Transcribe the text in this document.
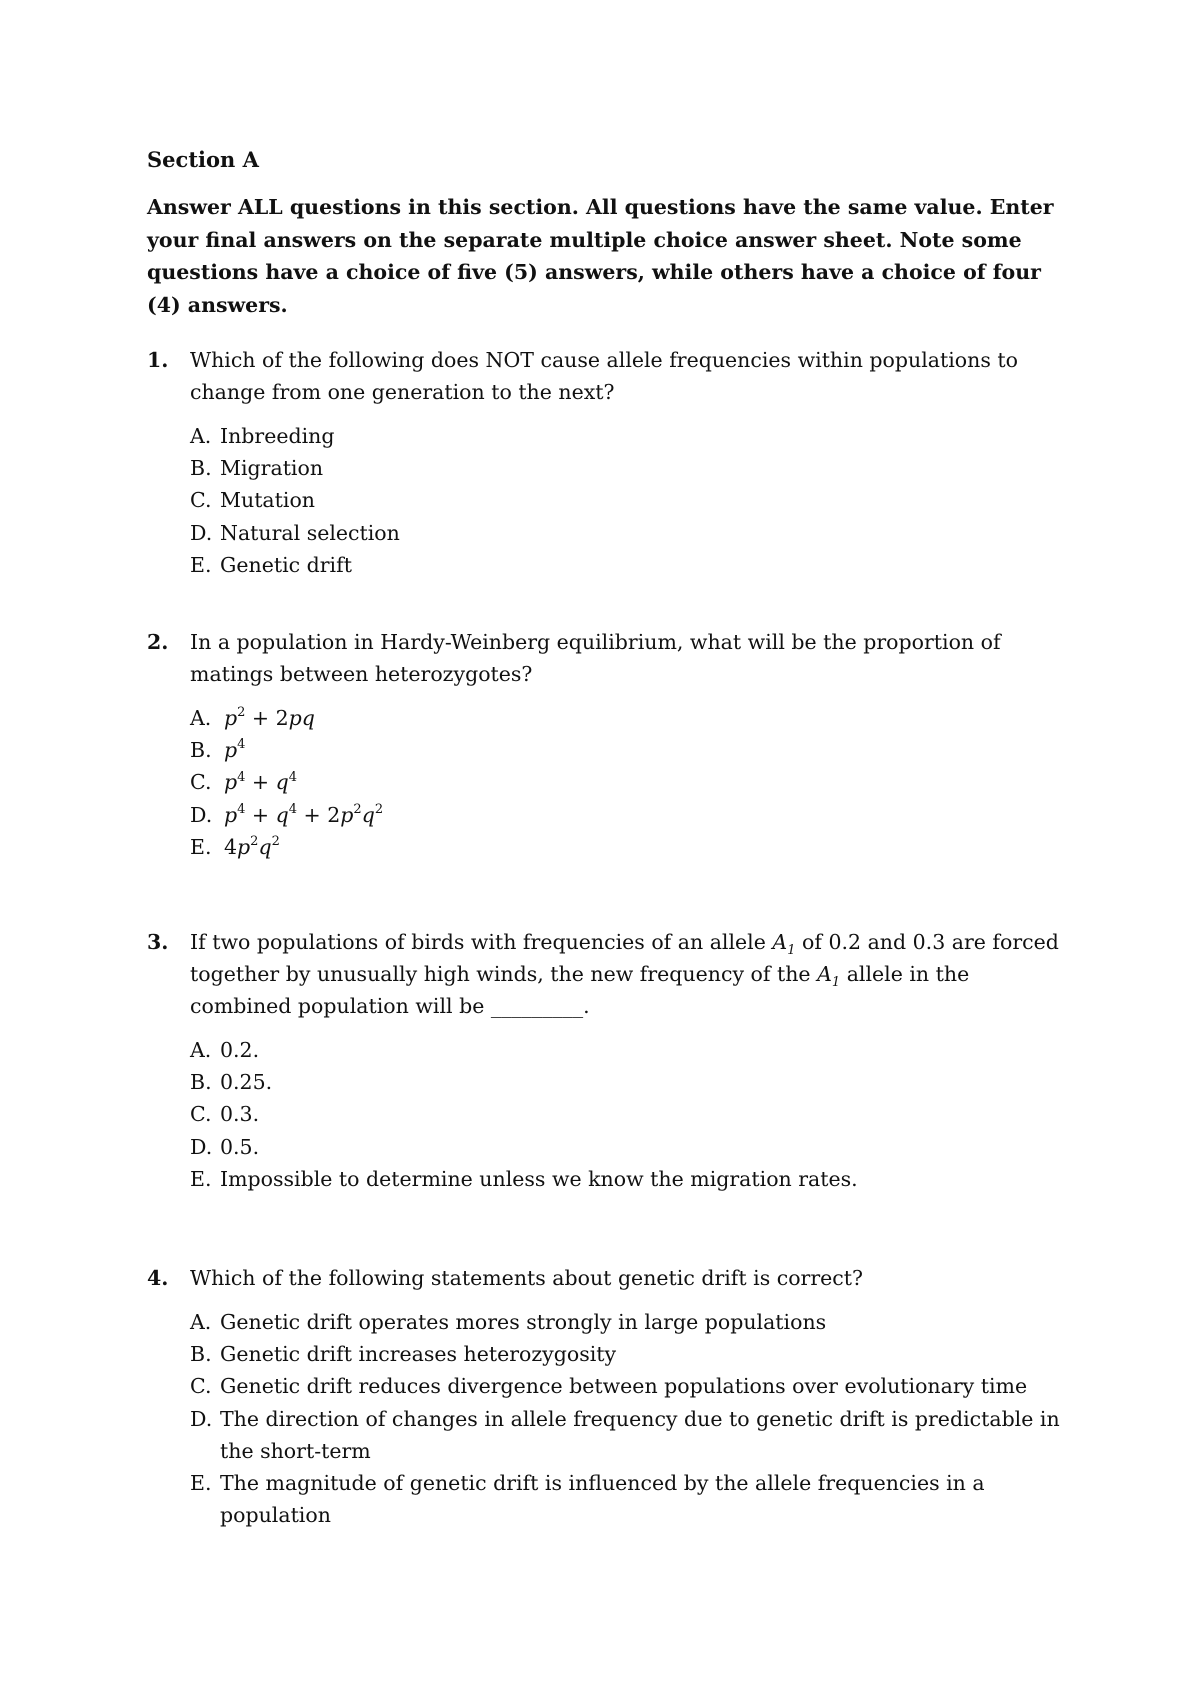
Section A

Answer ALL questions in this section. All questions have the same value. Enter your final answers on the separate multiple choice answer sheet. Note some questions have a choice of five (5) answers, while others have a choice of four (4) answers.

1. Which of the following does NOT cause allele frequencies within populations to change from one generation to the next?

A. Inbreeding
B. Migration
C. Mutation
D. Natural selection
E. Genetic drift
2. In a population in Hardy-Weinberg equilibrium, what will be the proportion of matings between heterozygotes?

A. $p^2 + 2pq$
B. $p^4$
C. $p^4 + q^4$
D. $p^4 + q^4 + 2p^2q^2$
E. $4p^2q^2$
3. If two populations of birds with frequencies of an allele $A_1$ of 0.2 and 0.3 are forced together by unusually high winds, the new frequency of the $A_1$ allele in the combined population will be _________.

A. 0.2.
B. 0.25.
C. 0.3.
D. 0.5.
E. Impossible to determine unless we know the migration rates.
4. Which of the following statements about genetic drift is correct?

A. Genetic drift operates mores strongly in large populations
B. Genetic drift increases heterozygosity
C. Genetic drift reduces divergence between populations over evolutionary time
D. The direction of changes in allele frequency due to genetic drift is predictable in the short-term
E. The magnitude of genetic drift is influenced by the allele frequencies in a population
